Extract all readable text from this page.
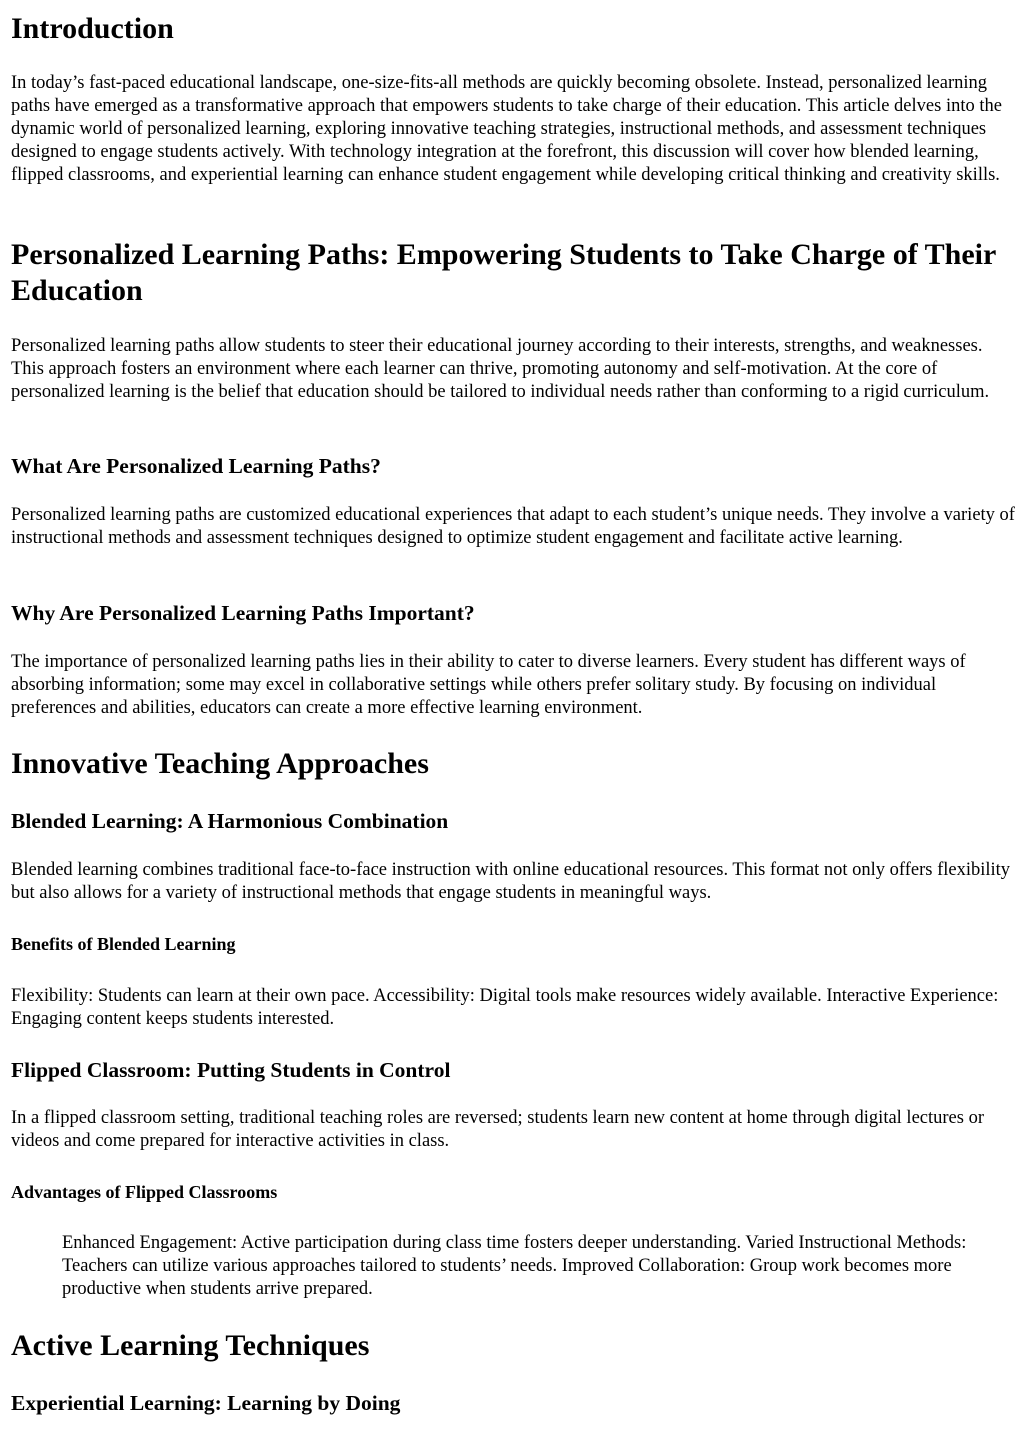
Introduction

In today’s fast-paced educational landscape, one-size-fits-all methods are quickly becoming obsolete. Instead, personalized learning paths have emerged as a transformative approach that empowers students to take charge of their education. This article delves into the dynamic world of personalized learning, exploring innovative teaching strategies, instructional methods, and assessment techniques designed to engage students actively. With technology integration at the forefront, this discussion will cover how blended learning, flipped classrooms, and experiential learning can enhance student engagement while developing critical thinking and creativity skills.

Personalized Learning Paths: Empowering Students to Take Charge of Their Education

Personalized learning paths allow students to steer their educational journey according to their interests, strengths, and weaknesses. This approach fosters an environment where each learner can thrive, promoting autonomy and self-motivation. At the core of personalized learning is the belief that education should be tailored to individual needs rather than conforming to a rigid curriculum.

What Are Personalized Learning Paths?

Personalized learning paths are customized educational experiences that adapt to each student’s unique needs. They involve a variety of instructional methods and assessment techniques designed to optimize student engagement and facilitate active learning.

Why Are Personalized Learning Paths Important?

The importance of personalized learning paths lies in their ability to cater to diverse learners. Every student has different ways of absorbing information; some may excel in collaborative settings while others prefer solitary study. By focusing on individual preferences and abilities, educators can create a more effective learning environment.

Innovative Teaching Approaches
Blended Learning: A Harmonious Combination

Blended learning combines traditional face-to-face instruction with online educational resources. This format not only offers flexibility but also allows for a variety of instructional methods that engage students in meaningful ways.

Benefits of Blended Learning

Flexibility: Students can learn at their own pace. Accessibility: Digital tools make resources widely available. Interactive Experience: Engaging content keeps students interested.

Flipped Classroom: Putting Students in Control

In a flipped classroom setting, traditional teaching roles are reversed; students learn new content at home through digital lectures or videos and come prepared for interactive activities in class.

Advantages of Flipped Classrooms
Enhanced Engagement: Active participation during class time fosters deeper understanding. Varied Instructional Methods: Teachers can utilize various approaches tailored to students’ needs. Improved Collaboration: Group work becomes more productive when students arrive prepared.
Active Learning Techniques
Experiential Learning: Learning by Doing
